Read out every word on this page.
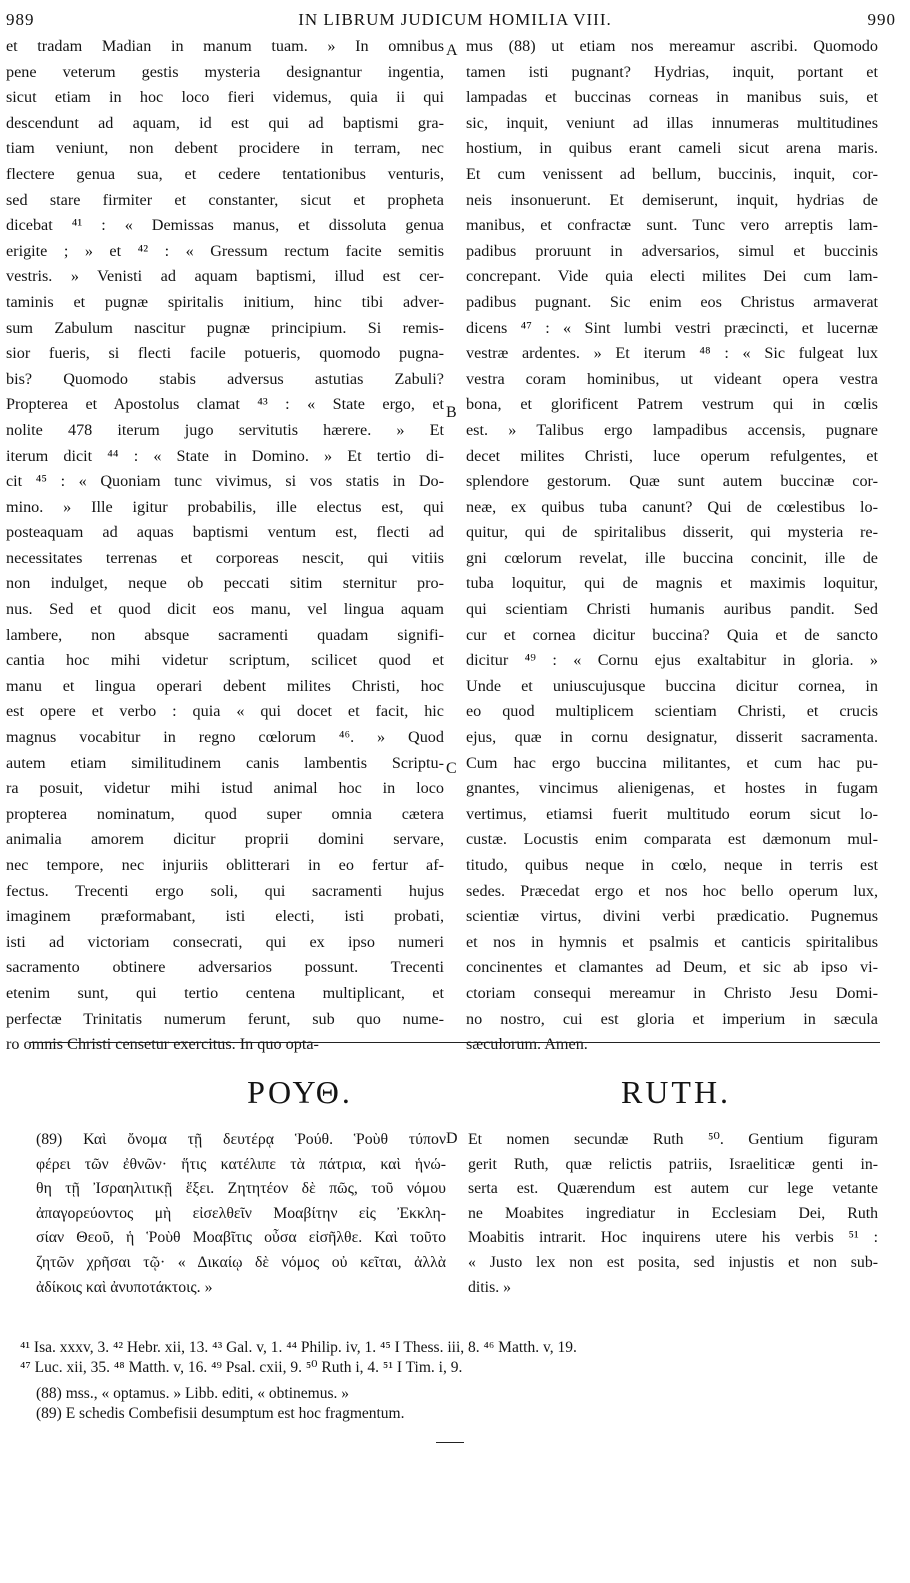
989	IN LIBRUM JUDICUM HOMILIA VIII.	990
et tradam Madian in manum tuam. » In omnibus
pene veterum gestis mysteria designantur ingentia,
sicut etiam in hoc loco fieri videmus, quia ii qui
descendunt ad aquam, id est qui ad baptismi gra-
tiam veniunt, non debent procidere in terram, nec
flectere genua sua, et cedere tentationibus venturis,
sed stare firmiter et constanter, sicut et propheta
dicebat ⁴¹ : « Demissas manus, et dissoluta genua
erigite ; » et ⁴² : « Gressum rectum facite semitis
vestris. » Venisti ad aquam baptismi, illud est cer-
taminis et pugnæ spiritalis initium, hinc tibi adver-
sum Zabulum nascitur pugnæ principium. Si remis-
sior fueris, si flecti facile potueris, quomodo pugna-
bis? Quomodo stabis adversus astutias Zabuli?
Propterea et Apostolus clamat ⁴³ : « State ergo, et
nolite 478 iterum jugo servitutis hærere. » Et
iterum dicit ⁴⁴ : « State in Domino. » Et tertio di-
cit ⁴⁵ : « Quoniam tunc vivimus, si vos statis in Do-
mino. » Ille igitur probabilis, ille electus est, qui
posteaquam ad aquas baptismi ventum est, flecti ad
necessitates terrenas et corporeas nescit, qui vitiis
non indulget, neque ob peccati sitim sternitur pro-
nus. Sed et quod dicit eos manu, vel lingua aquam
lambere, non absque sacramenti quadam signifi-
cantia hoc mihi videtur scriptum, scilicet quod et
manu et lingua operari debent milites Christi, hoc
est opere et verbo : quia « qui docet et facit, hic
magnus vocabitur in regno cœlorum ⁴⁶. » Quod
autem etiam similitudinem canis lambentis Scriptu-
ra posuit, videtur mihi istud animal hoc in loco
propterea nominatum, quod super omnia cætera
animalia amorem dicitur proprii domini servare,
nec tempore, nec injuriis oblitterari in eo fertur af-
fectus. Trecenti ergo soli, qui sacramenti hujus
imaginem præformabant, isti electi, isti probati,
isti ad victoriam consecrati, qui ex ipso numeri
sacramento obtinere adversarios possunt. Trecenti
etenim sunt, qui tertio centena multiplicant, et
perfectæ Trinitatis numerum ferunt, sub quo nume-
ro omnis Christi censetur exercitus. In quo opta-
mus (88) ut etiam nos mereamur ascribi. Quomodo
tamen isti pugnant? Hydrias, inquit, portant et
lampadas et buccinas corneas in manibus suis, et
sic, inquit, veniunt ad illas innumeras multitudines
hostium, in quibus erant cameli sicut arena maris.
Et cum venissent ad bellum, buccinis, inquit, cor-
neis insonuerunt. Et demiserunt, inquit, hydrias de
manibus, et confractæ sunt. Tunc vero arreptis lam-
padibus proruunt in adversarios, simul et buccinis
concrepant. Vide quia electi milites Dei cum lam-
padibus pugnant. Sic enim eos Christus armaverat
dicens ⁴⁷ : « Sint lumbi vestri præcincti, et lucernæ
vestræ ardentes. » Et iterum ⁴⁸ : « Sic fulgeat lux
vestra coram hominibus, ut videant opera vestra
bona, et glorificent Patrem vestrum qui in cœlis
est. » Talibus ergo lampadibus accensis, pugnare
decet milites Christi, luce operum refulgentes, et
splendore gestorum. Quæ sunt autem buccinæ cor-
neæ, ex quibus tuba canunt? Qui de cœlestibus lo-
quitur, qui de spiritalibus disserit, qui mysteria re-
gni cœlorum revelat, ille buccina concinit, ille de
tuba loquitur, qui de magnis et maximis loquitur,
qui scientiam Christi humanis auribus pandit. Sed
cur et cornea dicitur buccina? Quia et de sancto
dicitur ⁴⁹ : « Cornu ejus exaltabitur in gloria. »
Unde et uniuscujusque buccina dicitur cornea, in
eo quod multiplicem scientiam Christi, et crucis
ejus, quæ in cornu designatur, disserit sacramenta.
Cum hac ergo buccina militantes, et cum hac pu-
gnantes, vincimus alienigenas, et hostes in fugam
vertimus, etiamsi fuerit multitudo eorum sicut lo-
custæ. Locustis enim comparata est dæmonum mul-
titudo, quibus neque in cœlo, neque in terris est
sedes. Præcedat ergo et nos hoc bello operum lux,
scientiæ virtus, divini verbi prædicatio. Pugnemus
et nos in hymnis et psalmis et canticis spiritalibus
concinentes et clamantes ad Deum, et sic ab ipso vi-
ctoriam consequi mereamur in Christo Jesu Domi-
no nostro, cui est gloria et imperium in sæcula
sæculorum. Amen.
A
B
C
D
ΡΟΥΘ.	RUTH.
(89) Καὶ ὄνομα τῇ δευτέρᾳ Ῥούθ. Ῥοὺθ τύπον
φέρει τῶν ἐθνῶν· ἥτις κατέλιπε τὰ πάτρια, καὶ ἡνώ-
θη τῇ Ἰσραηλιτικῇ ἕξει. Ζητητέον δὲ πῶς, τοῦ νόμου
ἀπαγορεύοντος μὴ εἰσελθεῖν Μοαβίτην εἰς Ἐκκλη-
σίαν Θεοῦ, ἡ Ῥοὺθ Μοαβῖτις οὖσα εἰσῆλθε. Καὶ τοῦτο
ζητῶν χρῆσαι τῷ· « Δικαίῳ δὲ νόμος οὐ κεῖται, ἀλλὰ
ἀδίκοις καὶ ἀνυποτάκτοις. »
Et nomen secundæ Ruth ⁵⁰. Gentium figuram
gerit Ruth, quæ relictis patriis, Israeliticæ genti in-
serta est. Quærendum est autem cur lege vetante
ne Moabites ingrediatur in Ecclesiam Dei, Ruth
Moabitis intrarit. Hoc inquirens utere his verbis ⁵¹ :
« Justo lex non est posita, sed injustis et non sub-
ditis. »
⁴¹ Isa. xxxv, 3. ⁴² Hebr. xii, 13. ⁴³ Gal. v, 1. ⁴⁴ Philip. iv, 1. ⁴⁵ I Thess. iii, 8. ⁴⁶ Matth. v, 19.
⁴⁷ Luc. xii, 35. ⁴⁸ Matth. v, 16. ⁴⁹ Psal. cxii, 9. ⁵⁰ Ruth i, 4. ⁵¹ I Tim. i, 9.
(88) mss., « optamus. » Libb. editi, « obtinemus. »
(89) E schedis Combefisii desumptum est hoc fragmentum.
